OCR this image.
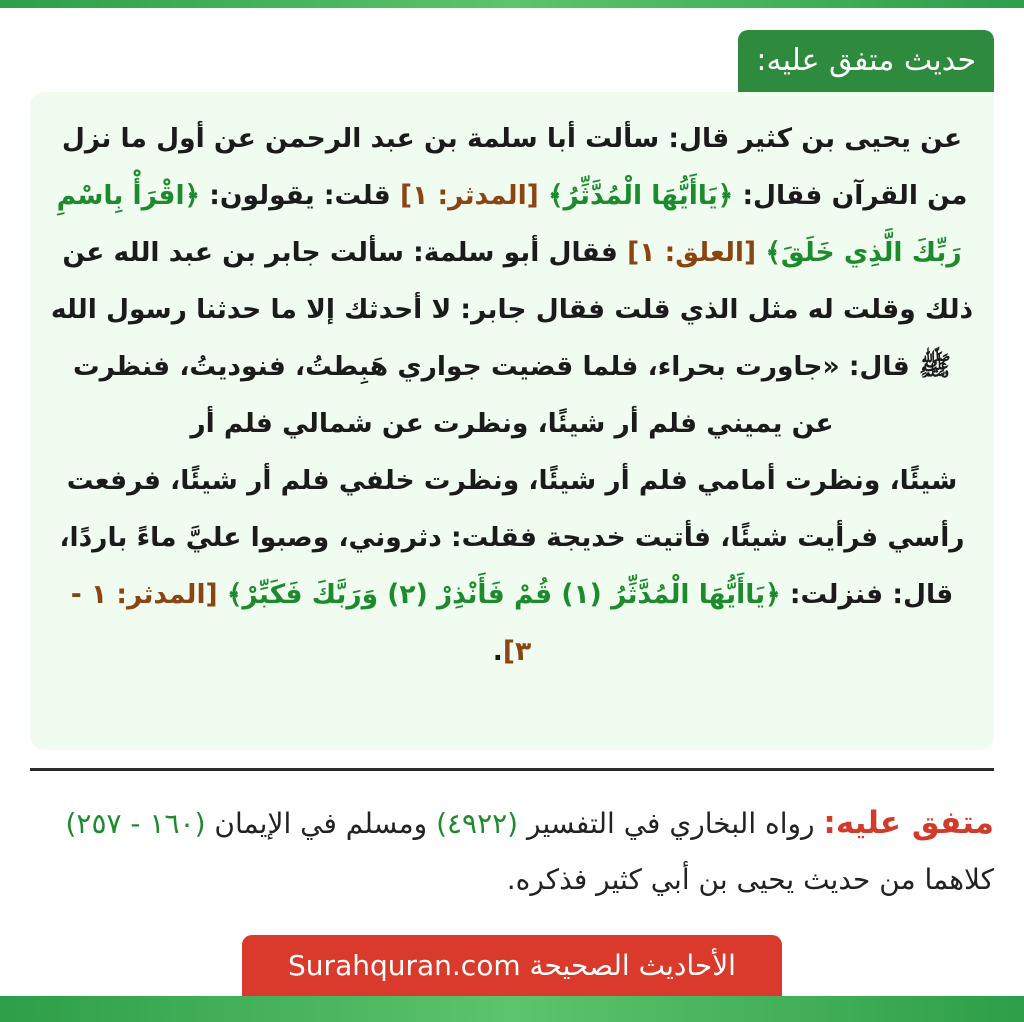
حديث متفق عليه:

عن يحيى بن كثير قال: سألت أبا سلمة بن عبد الرحمن عن أول ما نزل من القرآن فقال: ﴿يَاأَيُّهَا الْمُدَّثِّرُ﴾ [المدثر: ١] قلت: يقولون: ﴿اقْرَأْ بِاسْمِ رَبِّكَ الَّذِي خَلَقَ﴾ [العلق: ١] فقال أبو سلمة: سألت جابر بن عبد الله عن ذلك وقلت له مثل الذي قلت فقال جابر: لا أحدثك إلا ما حدثنا رسول الله ﷺ قال: «جاورت بحراء، فلما قضيت جواري هَبِطتُ، فنوديتُ، فنظرت عن يميني فلم أر شيئًا، ونظرت عن شمالي فلم أر
شيئًا، ونظرت أمامي فلم أر شيئًا، ونظرت خلفي فلم أر شيئًا، فرفعت رأسي فرأيت شيئًا، فأتيت خديجة فقلت: دثروني، وصبوا عليَّ ماءً باردًا، قال: فنزلت: ﴿يَاأَيُّهَا الْمُدَّثِّرُ (١) قُمْ فَأَنْذِرْ (٢) وَرَبَّكَ فَكَبِّرْ﴾ [المدثر: ١ - ٣].

متفق عليه: رواه البخاري في التفسير (٤٩٢٢) ومسلم في الإيمان (١٦٠ - ٢٥٧) كلاهما من حديث يحيى بن أبي كثير فذكره.

الأحاديث الصحيحة Surahquran.com
